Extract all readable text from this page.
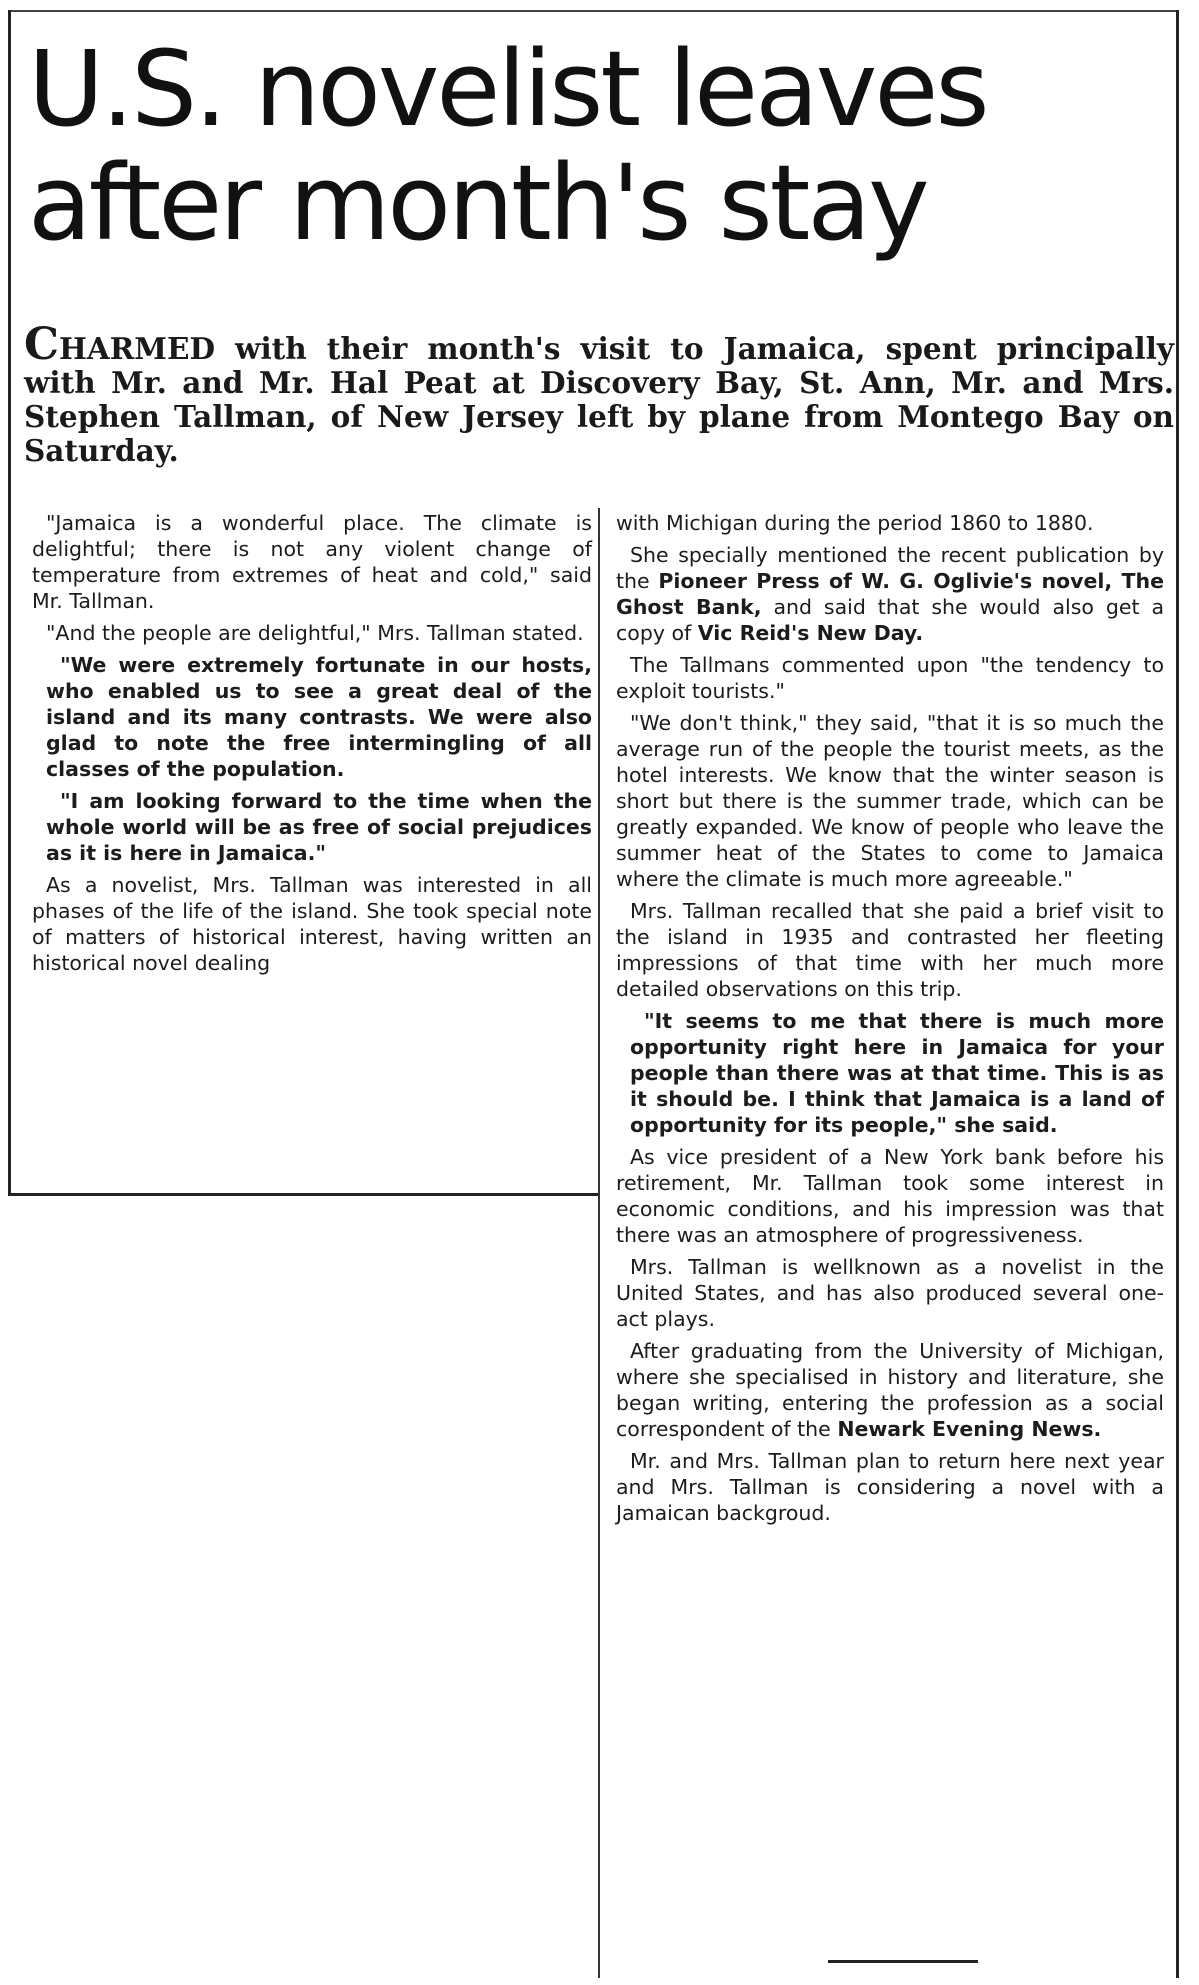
U.S. novelist leaves
after month's stay
CHARMED with their month's visit to Jamaica, spent principally with Mr. and Mr. Hal Peat at Discovery Bay, St. Ann, Mr. and Mrs. Stephen Tallman, of New Jersey left by plane from Montego Bay on Saturday.

"Jamaica is a wonderful place. The climate is delightful; there is not any violent change of temperature from extremes of heat and cold," said Mr. Tallman.

"And the people are delightful," Mrs. Tallman stated.

"We were extremely fortunate in our hosts, who enabled us to see a great deal of the island and its many contrasts. We were also glad to note the free intermingling of all classes of the population.

"I am looking forward to the time when the whole world will be as free of social prejudices as it is here in Jamaica."

As a novelist, Mrs. Tallman was interested in all phases of the life of the island. She took special note of matters of historical interest, having written an historical novel dealing

with Michigan during the period 1860 to 1880.

She specially mentioned the recent publication by the Pioneer Press of W. G. Oglivie's novel, The Ghost Bank, and said that she would also get a copy of Vic Reid's New Day.

The Tallmans commented upon "the tendency to exploit tourists."

"We don't think," they said, "that it is so much the average run of the people the tourist meets, as the hotel interests. We know that the winter season is short but there is the summer trade, which can be greatly expanded. We know of people who leave the summer heat of the States to come to Jamaica where the climate is much more agreeable."

Mrs. Tallman recalled that she paid a brief visit to the island in 1935 and contrasted her fleeting impressions of that time with her much more detailed observations on this trip.

"It seems to me that there is much more opportunity right here in Jamaica for your people than there was at that time. This is as it should be. I think that Jamaica is a land of opportunity for its people," she said.

As vice president of a New York bank before his retirement, Mr. Tallman took some interest in economic conditions, and his impression was that there was an atmosphere of progressiveness.

Mrs. Tallman is wellknown as a novelist in the United States, and has also produced several one-act plays.

After graduating from the University of Michigan, where she specialised in history and literature, she began writing, entering the profession as a social correspondent of the Newark Evening News.

Mr. and Mrs. Tallman plan to return here next year and Mrs. Tallman is considering a novel with a Jamaican backgroud.
